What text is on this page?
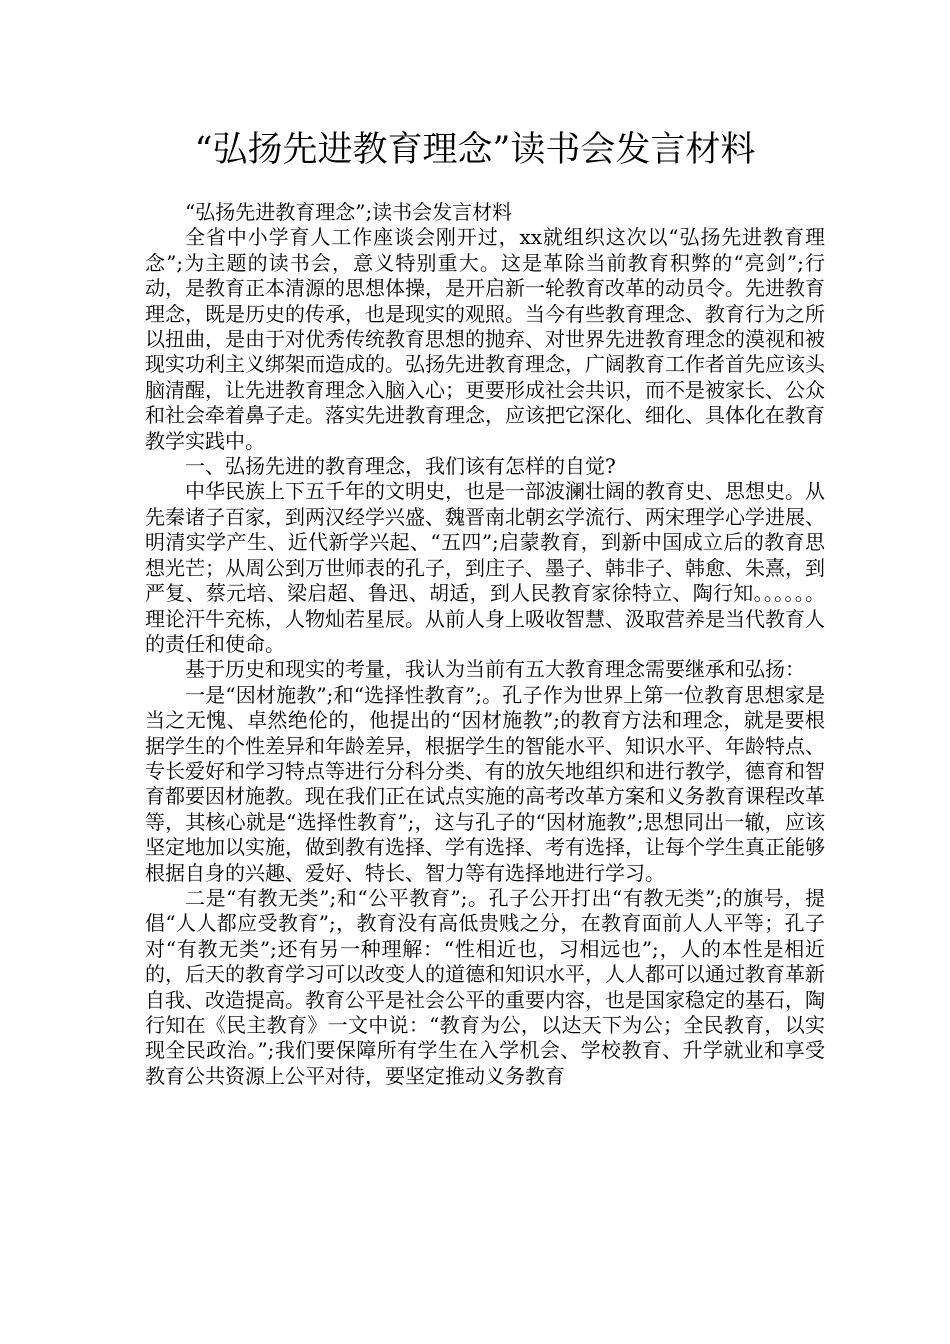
“弘扬先进教育理念”读书会发言材料

“弘扬先进教育理念”;读书会发言材料

全省中小学育人工作座谈会刚开过，xx就组织这次以“弘扬先进教育理念”;为主题的读书会，意义特别重大。这是革除当前教育积弊的“亮剑”;行动，是教育正本清源的思想体操，是开启新一轮教育改革的动员令。先进教育理念，既是历史的传承，也是现实的观照。当今有些教育理念、教育行为之所以扭曲，是由于对优秀传统教育思想的抛弃、对世界先进教育理念的漠视和被现实功利主义绑架而造成的。弘扬先进教育理念，广阔教育工作者首先应该头脑清醒，让先进教育理念入脑入心；更要形成社会共识，而不是被家长、公众和社会牵着鼻子走。落实先进教育理念，应该把它深化、细化、具体化在教育教学实践中。

一、弘扬先进的教育理念，我们该有怎样的自觉?

中华民族上下五千年的文明史，也是一部波澜壮阔的教育史、思想史。从先秦诸子百家，到两汉经学兴盛、魏晋南北朝玄学流行、两宋理学心学进展、明清实学产生、近代新学兴起、“五四”;启蒙教育，到新中国成立后的教育思想光芒；从周公到万世师表的孔子，到庄子、墨子、韩非子、韩愈、朱熹，到严复、蔡元培、梁启超、鲁迅、胡适，到人民教育家徐特立、陶行知。。。。。。理论汗牛充栋，人物灿若星辰。从前人身上吸收智慧、汲取营养是当代教育人的责任和使命。

基于历史和现实的考量，我认为当前有五大教育理念需要继承和弘扬：

一是“因材施教”;和“选择性教育”;。孔子作为世界上第一位教育思想家是当之无愧、卓然绝伦的，他提出的“因材施教”;的教育方法和理念，就是要根据学生的个性差异和年龄差异，根据学生的智能水平、知识水平、年龄特点、专长爱好和学习特点等进行分科分类、有的放矢地组织和进行教学，德育和智育都要因材施教。现在我们正在试点实施的高考改革方案和义务教育课程改革等，其核心就是“选择性教育”;，这与孔子的“因材施教”;思想同出一辙，应该坚定地加以实施，做到教有选择、学有选择、考有选择，让每个学生真正能够根据自身的兴趣、爱好、特长、智力等有选择地进行学习。

二是“有教无类”;和“公平教育”;。孔子公开打出“有教无类”;的旗号，提倡“人人都应受教育”;，教育没有高低贵贱之分，在教育面前人人平等；孔子对“有教无类”;还有另一种理解：“性相近也，习相远也”;，人的本性是相近的，后天的教育学习可以改变人的道德和知识水平，人人都可以通过教育革新自我、改造提高。教育公平是社会公平的重要内容，也是国家稳定的基石，陶行知在《民主教育》一文中说：“教育为公，以达天下为公；全民教育，以实现全民政治。”;我们要保障所有学生在入学机会、学校教育、升学就业和享受教育公共资源上公平对待，要坚定推动义务教育
